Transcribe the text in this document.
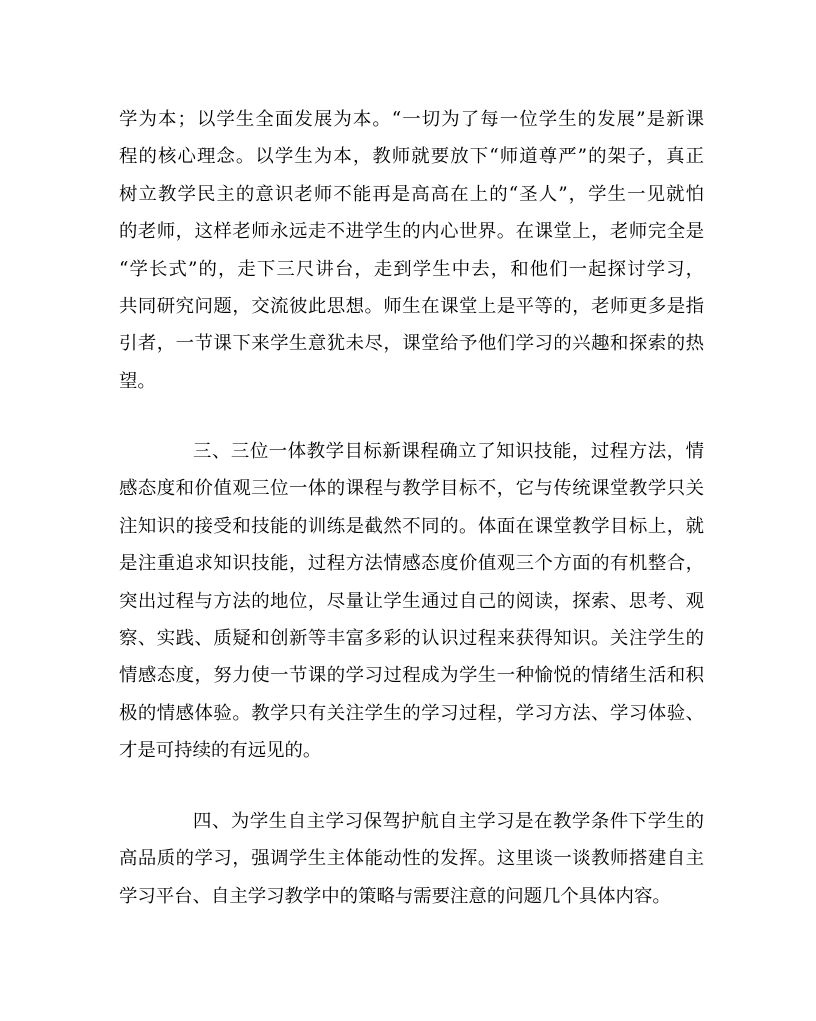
学为本；以学生全面发展为本。“一切为了每一位学生的发展”是新课
程的核心理念。以学生为本，教师就要放下“师道尊严”的架子，真正
树立教学民主的意识老师不能再是高高在上的“圣人”，学生一见就怕
的老师，这样老师永远走不进学生的内心世界。在课堂上，老师完全是
“学长式”的，走下三尺讲台，走到学生中去，和他们一起探讨学习，
共同研究问题，交流彼此思想。师生在课堂上是平等的，老师更多是指
引者，一节课下来学生意犹未尽，课堂给予他们学习的兴趣和探索的热
望。
三、三位一体教学目标新课程确立了知识技能，过程方法，情
感态度和价值观三位一体的课程与教学目标不，它与传统课堂教学只关
注知识的接受和技能的训练是截然不同的。体面在课堂教学目标上，就
是注重追求知识技能，过程方法情感态度价值观三个方面的有机整合，
突出过程与方法的地位，尽量让学生通过自己的阅读，探索、思考、观
察、实践、质疑和创新等丰富多彩的认识过程来获得知识。关注学生的
情感态度，努力使一节课的学习过程成为学生一种愉悦的情绪生活和积
极的情感体验。教学只有关注学生的学习过程，学习方法、学习体验、
才是可持续的有远见的。
四、为学生自主学习保驾护航自主学习是在教学条件下学生的
高品质的学习，强调学生主体能动性的发挥。这里谈一谈教师搭建自主
学习平台、自主学习教学中的策略与需要注意的问题几个具体内容。
